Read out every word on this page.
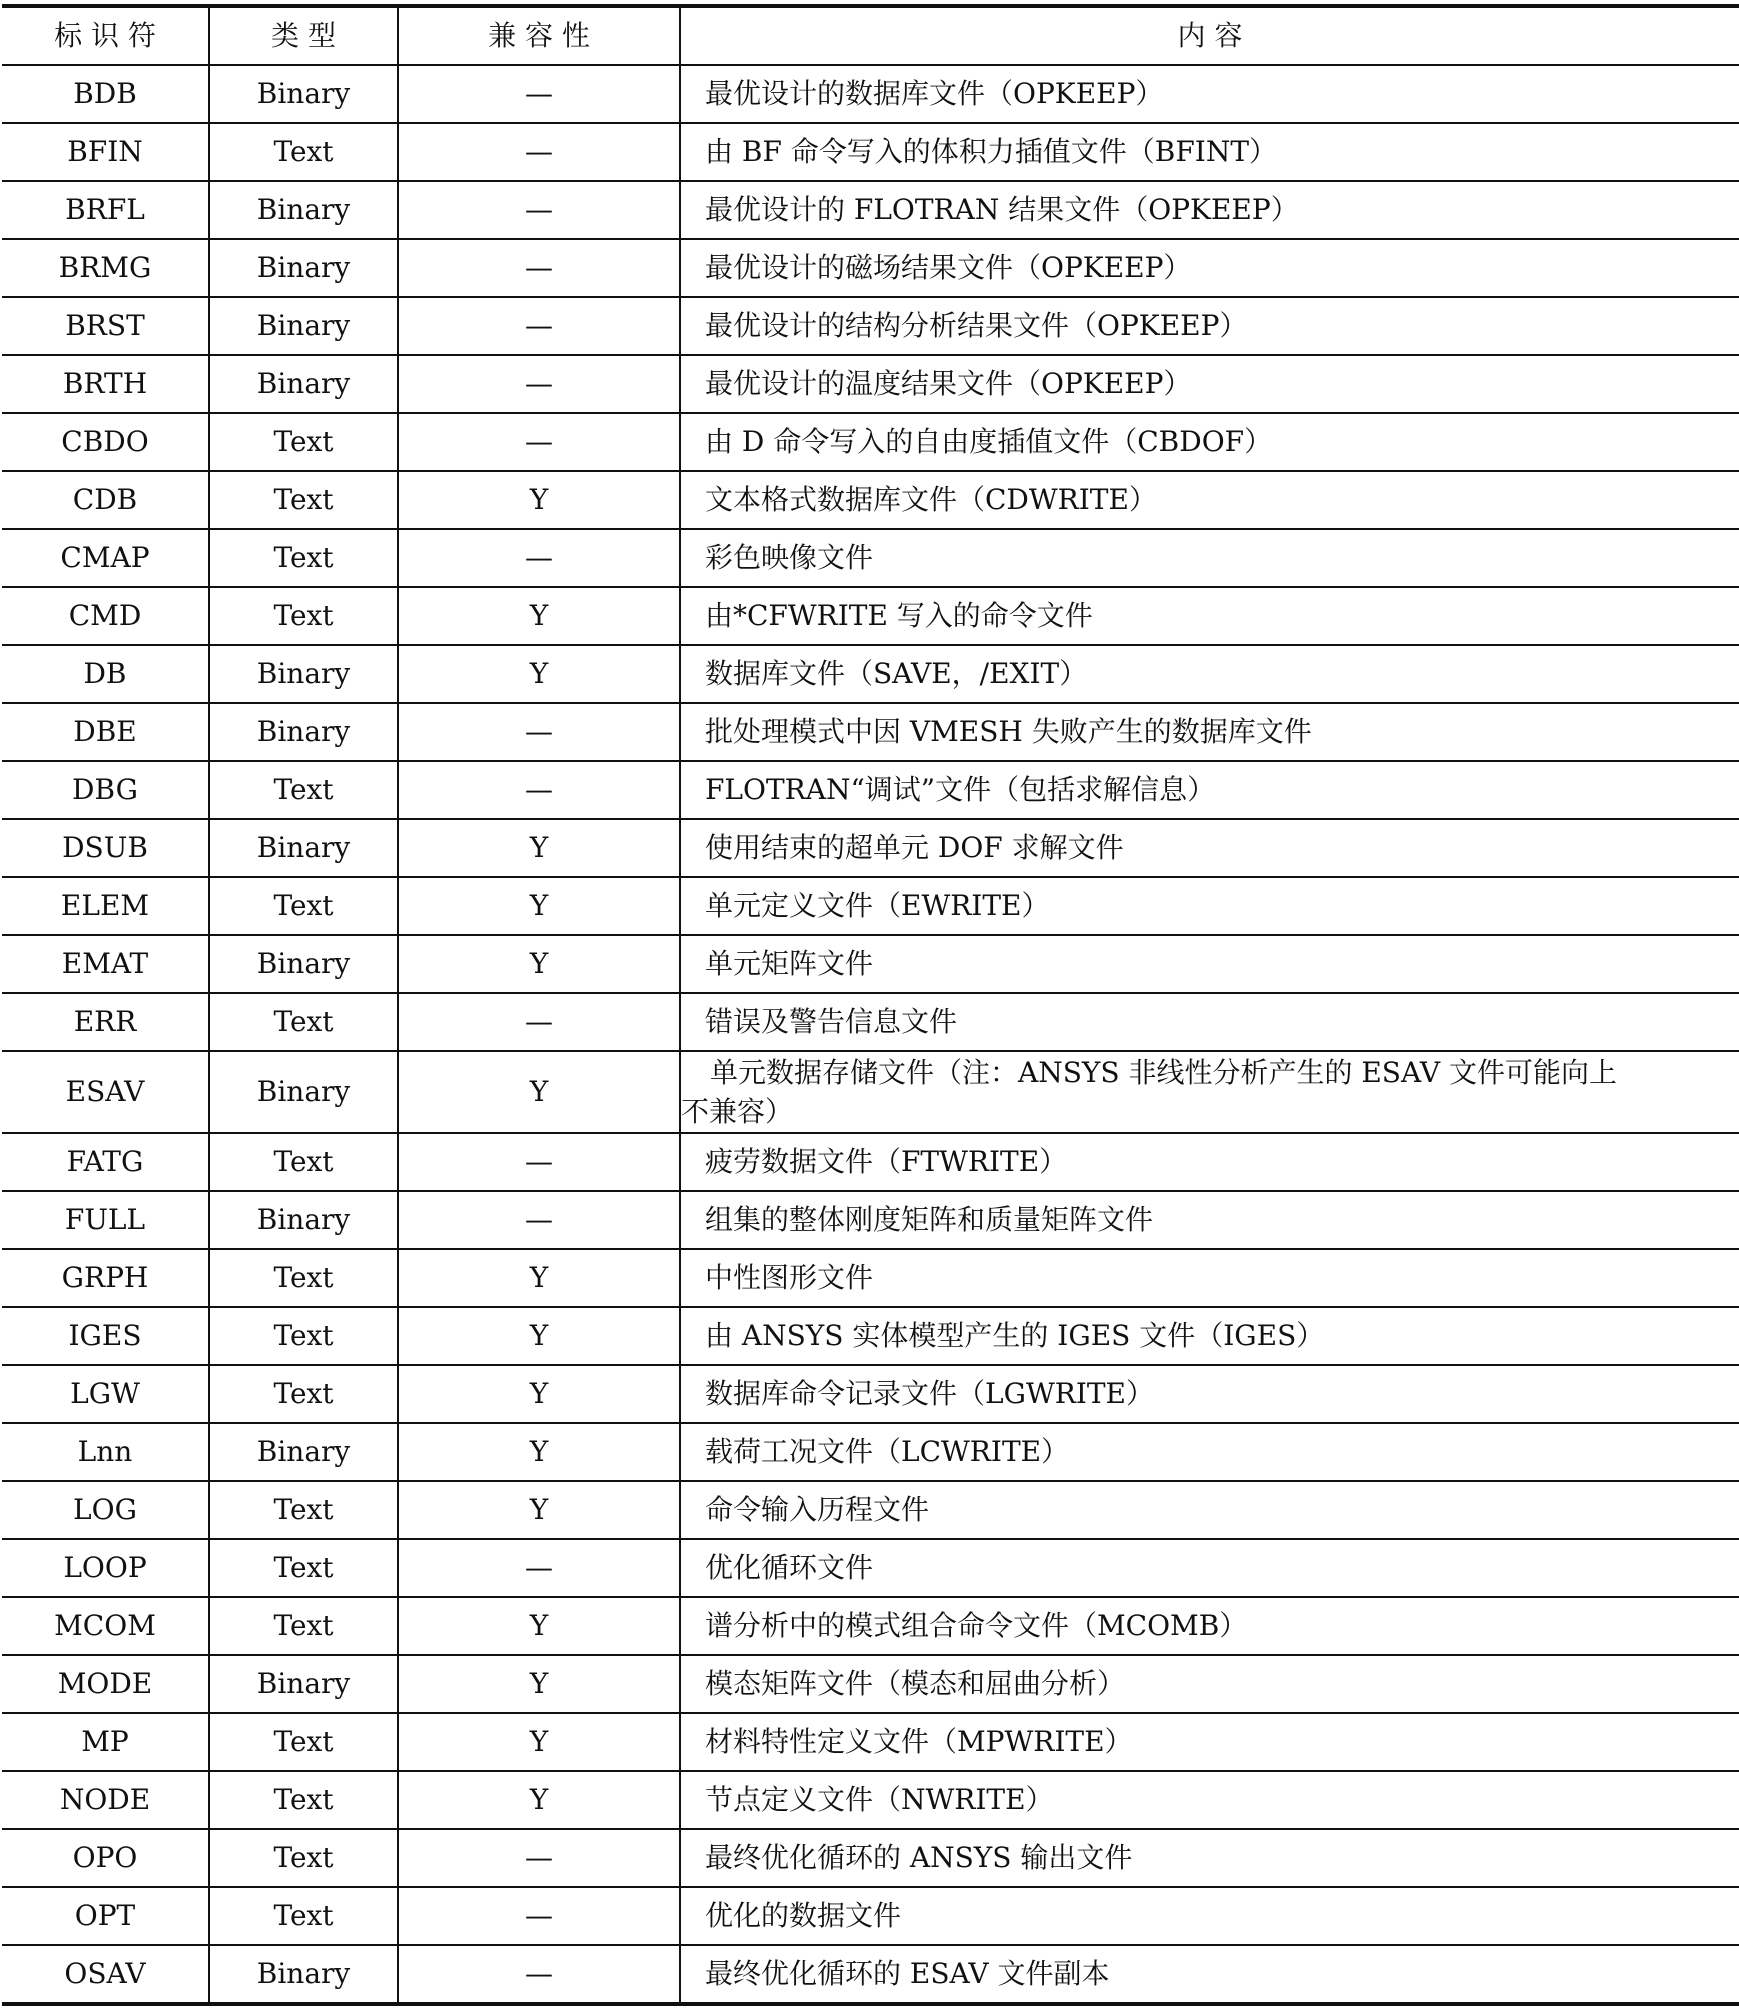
标 识 符	类 型	兼 容 性	内 容
BDB	Binary	—	最优设计的数据库文件（OPKEEP）
BFIN	Text	—	由 BF 命令写入的体积力插值文件（BFINT）
BRFL	Binary	—	最优设计的 FLOTRAN 结果文件（OPKEEP）
BRMG	Binary	—	最优设计的磁场结果文件（OPKEEP）
BRST	Binary	—	最优设计的结构分析结果文件（OPKEEP）
BRTH	Binary	—	最优设计的温度结果文件（OPKEEP）
CBDO	Text	—	由 D 命令写入的自由度插值文件（CBDOF）
CDB	Text	Y	文本格式数据库文件（CDWRITE）
CMAP	Text	—	彩色映像文件
CMD	Text	Y	由*CFWRITE 写入的命令文件
DB	Binary	Y	数据库文件（SAVE，/EXIT）
DBE	Binary	—	批处理模式中因 VMESH 失败产生的数据库文件
DBG	Text	—	FLOTRAN“调试”文件（包括求解信息）
DSUB	Binary	Y	使用结束的超单元 DOF 求解文件
ELEM	Text	Y	单元定义文件（EWRITE）
EMAT	Binary	Y	单元矩阵文件
ERR	Text	—	错误及警告信息文件
ESAV	Binary	Y	单元数据存储文件（注：ANSYS 非线性分析产生的 ESAV 文件可能向上
不兼容）

FATG	Text	—	疲劳数据文件（FTWRITE）
FULL	Binary	—	组集的整体刚度矩阵和质量矩阵文件
GRPH	Text	Y	中性图形文件
IGES	Text	Y	由 ANSYS 实体模型产生的 IGES 文件（IGES）
LGW	Text	Y	数据库命令记录文件（LGWRITE）
Lnn	Binary	Y	载荷工况文件（LCWRITE）
LOG	Text	Y	命令输入历程文件
LOOP	Text	—	优化循环文件
MCOM	Text	Y	谱分析中的模式组合命令文件（MCOMB）
MODE	Binary	Y	模态矩阵文件（模态和屈曲分析）
MP	Text	Y	材料特性定义文件（MPWRITE）
NODE	Text	Y	节点定义文件（NWRITE）
OPO	Text	—	最终优化循环的 ANSYS 输出文件
OPT	Text	—	优化的数据文件
OSAV	Binary	—	最终优化循环的 ESAV 文件副本
